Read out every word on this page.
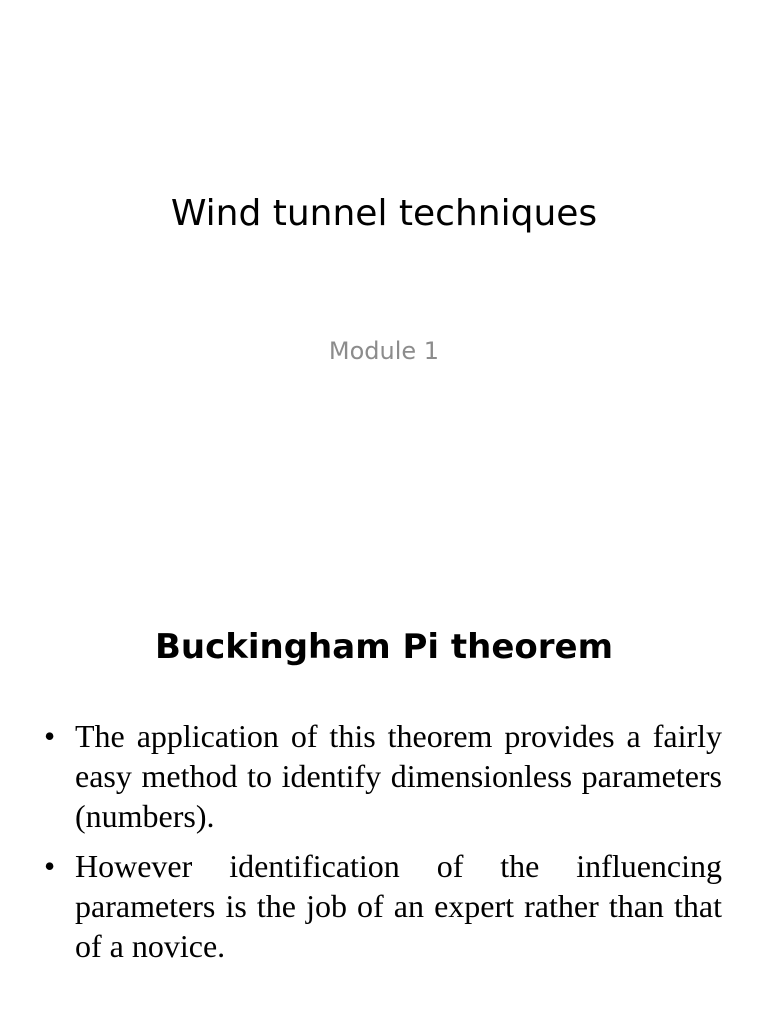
Wind tunnel techniques
Module 1
Buckingham Pi theorem
• The application of this theorem provides a fairly easy method to identify dimensionless parameters (numbers).
• However identification of the influencing parameters is the job of an expert rather than that of a novice.
